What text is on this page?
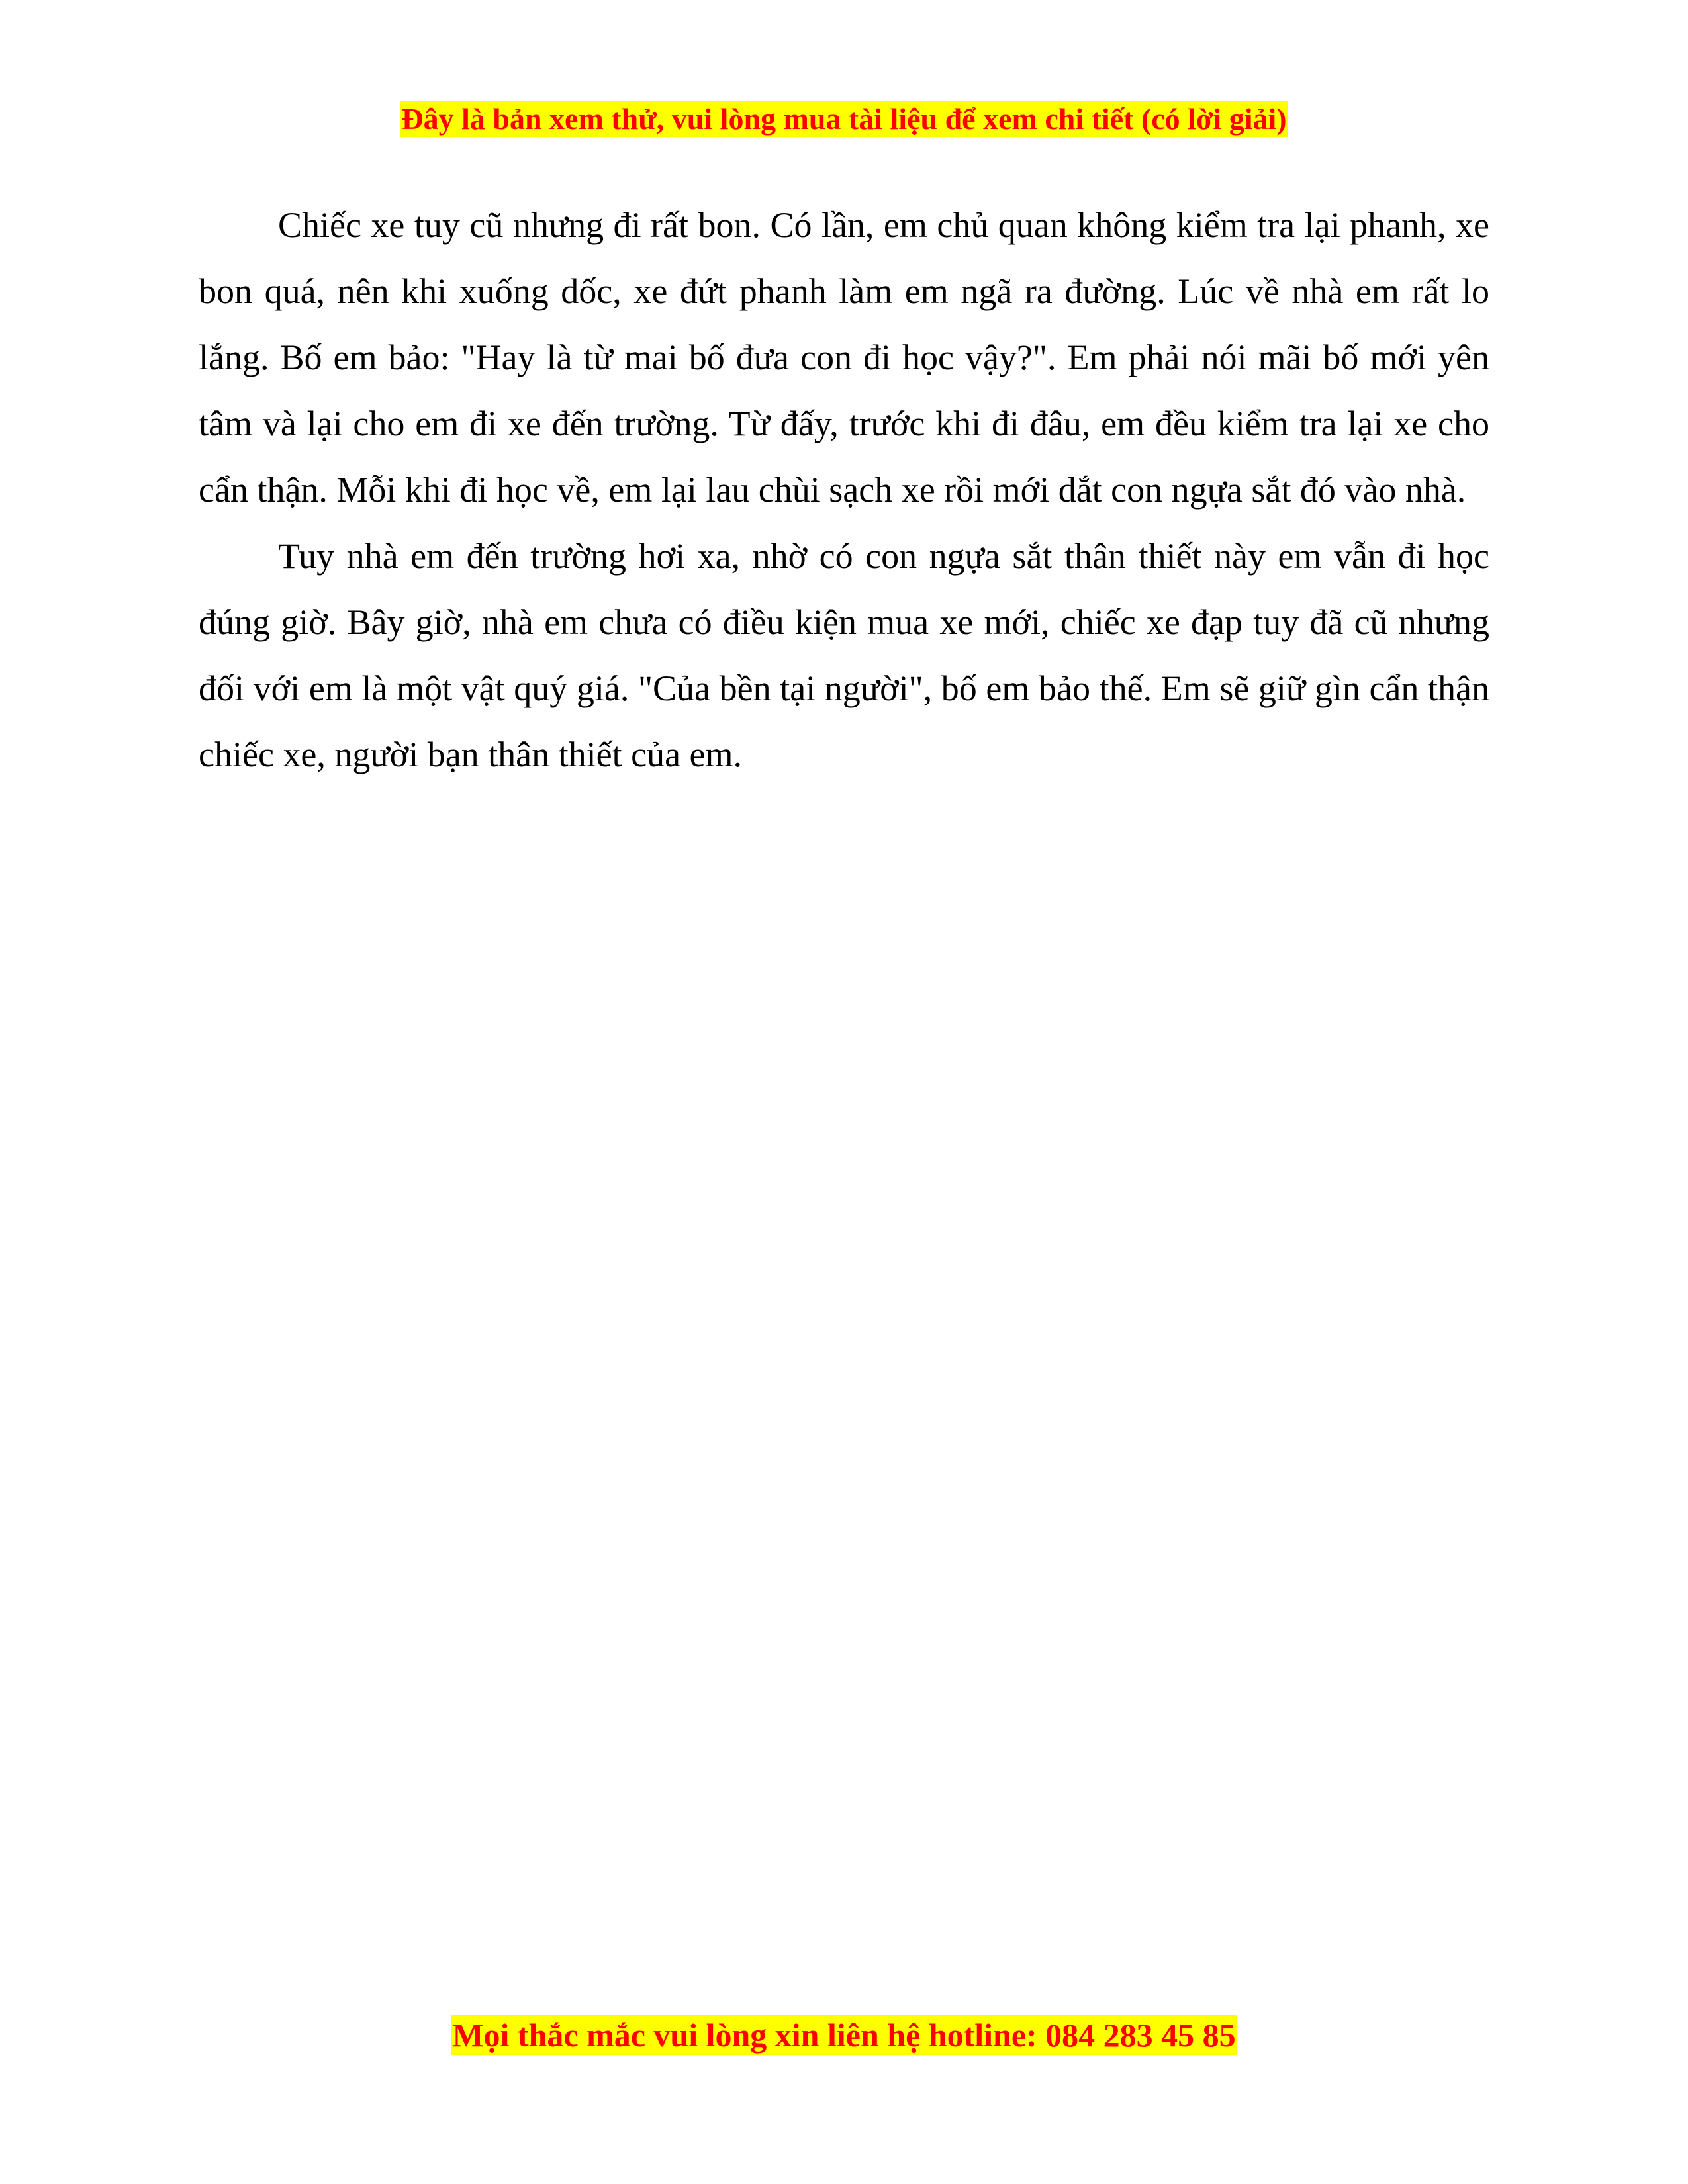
Đây là bản xem thử, vui lòng mua tài liệu để xem chi tiết (có lời giải)

Chiếc xe tuy cũ nhưng đi rất bon. Có lần, em chủ quan không kiểm tra lại phanh, xe bon quá, nên khi xuống dốc, xe đứt phanh làm em ngã ra đường. Lúc về nhà em rất lo lắng. Bố em bảo: "Hay là từ mai bố đưa con đi học vậy?". Em phải nói mãi bố mới yên tâm và lại cho em đi xe đến trường. Từ đấy, trước khi đi đâu, em đều kiểm tra lại xe cho cẩn thận. Mỗi khi đi học về, em lại lau chùi sạch xe rồi mới dắt con ngựa sắt đó vào nhà.

Tuy nhà em đến trường hơi xa, nhờ có con ngựa sắt thân thiết này em vẫn đi học đúng giờ. Bây giờ, nhà em chưa có điều kiện mua xe mới, chiếc xe đạp tuy đã cũ nhưng đối với em là một vật quý giá. "Của bền tại người", bố em bảo thế. Em sẽ giữ gìn cẩn thận chiếc xe, người bạn thân thiết của em.

Mọi thắc mắc vui lòng xin liên hệ hotline: 084 283 45 85
